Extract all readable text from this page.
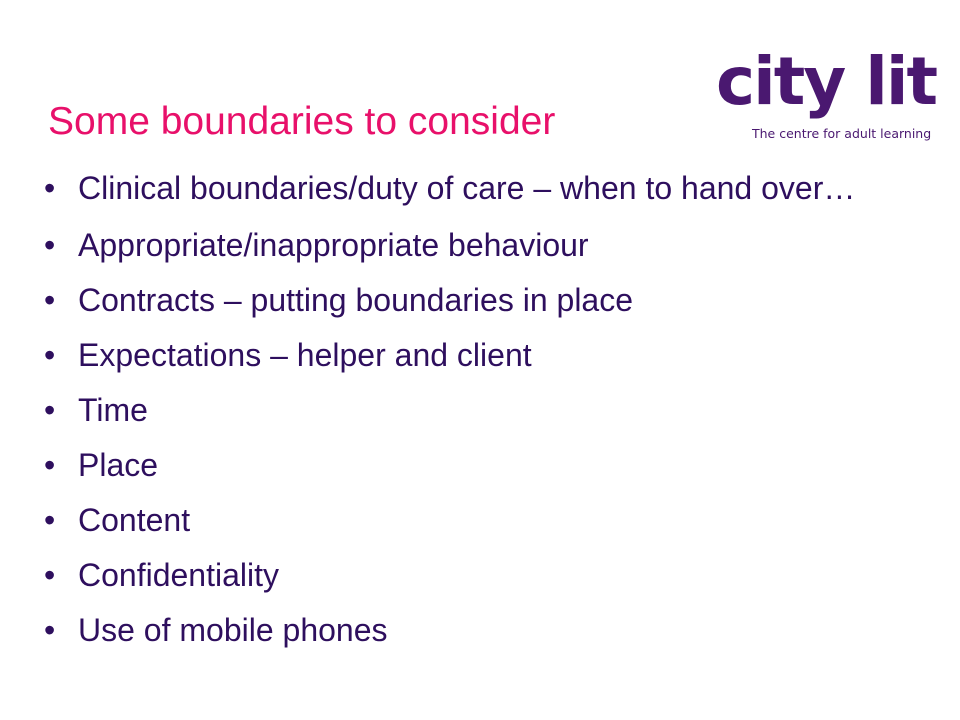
city lit
The centre for adult learning
Some boundaries to consider
• Clinical boundaries/duty of care – when to hand over…
• Appropriate/inappropriate behaviour
• Contracts – putting boundaries in place
• Expectations – helper and client
• Time
• Place
• Content
• Confidentiality
• Use of mobile phones
